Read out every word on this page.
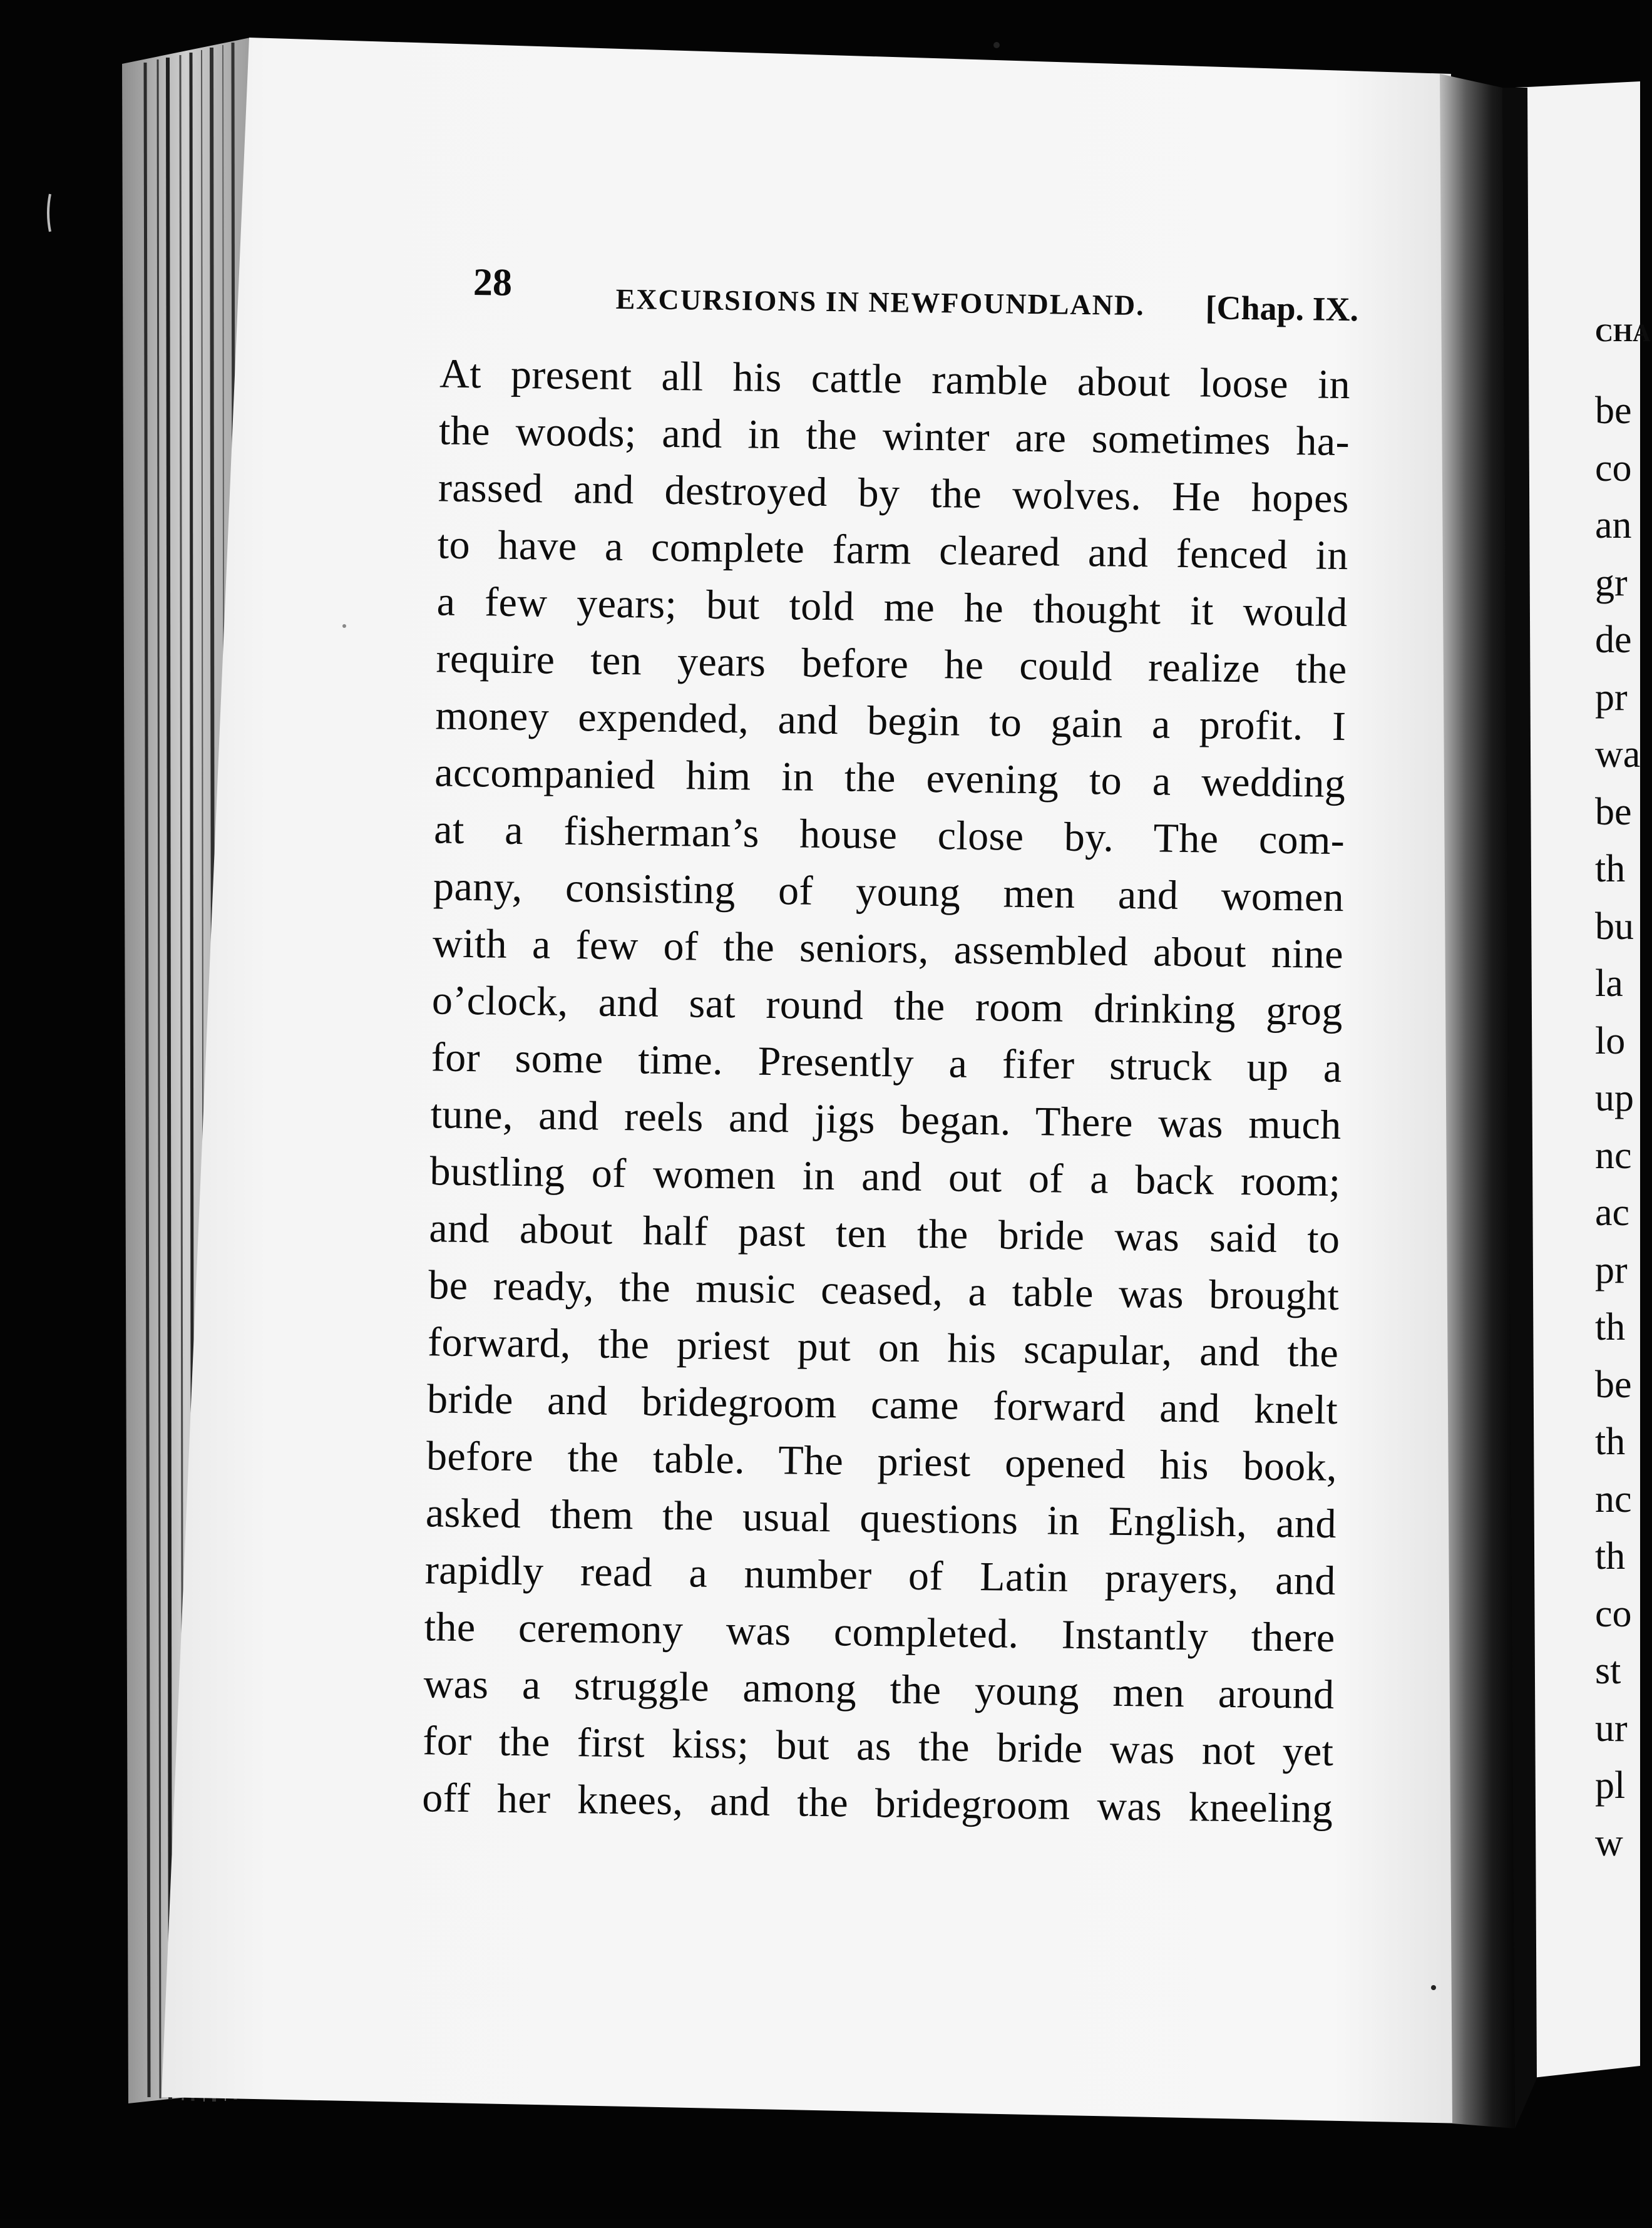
28	EXCURSIONS IN NEWFOUNDLAND. [Chap. IX.
At present all his cattle ramble about loose in
the woods; and in the winter are sometimes ha-
rassed and destroyed by the wolves. He hopes
to have a complete farm cleared and fenced in
a few years; but told me he thought it would
require ten years before he could realize the
money expended, and begin to gain a profit. I
accompanied him in the evening to a wedding
at a fisherman’s house close by. The com-
pany, consisting of young men and women
with a few of the seniors, assembled about nine
o’clock, and sat round the room drinking grog
for some time. Presently a fifer struck up a
tune, and reels and jigs began. There was much
bustling of women in and out of a back room;
and about half past ten the bride was said to
be ready, the music ceased, a table was brought
forward, the priest put on his scapular, and the
bride and bridegroom came forward and knelt
before the table. The priest opened his book,
asked them the usual questions in English, and
rapidly read a number of Latin prayers, and
the ceremony was completed. Instantly there
was a struggle among the young men around
for the first kiss; but as the bride was not yet
off her knees, and the bridegroom was kneeling
CHA
be
co
an
gr
de
pr
wa
be
th
bu
la
lo
up
nc
ac
pr
th
be
th
nc
th
co
st
ur
pl
w
